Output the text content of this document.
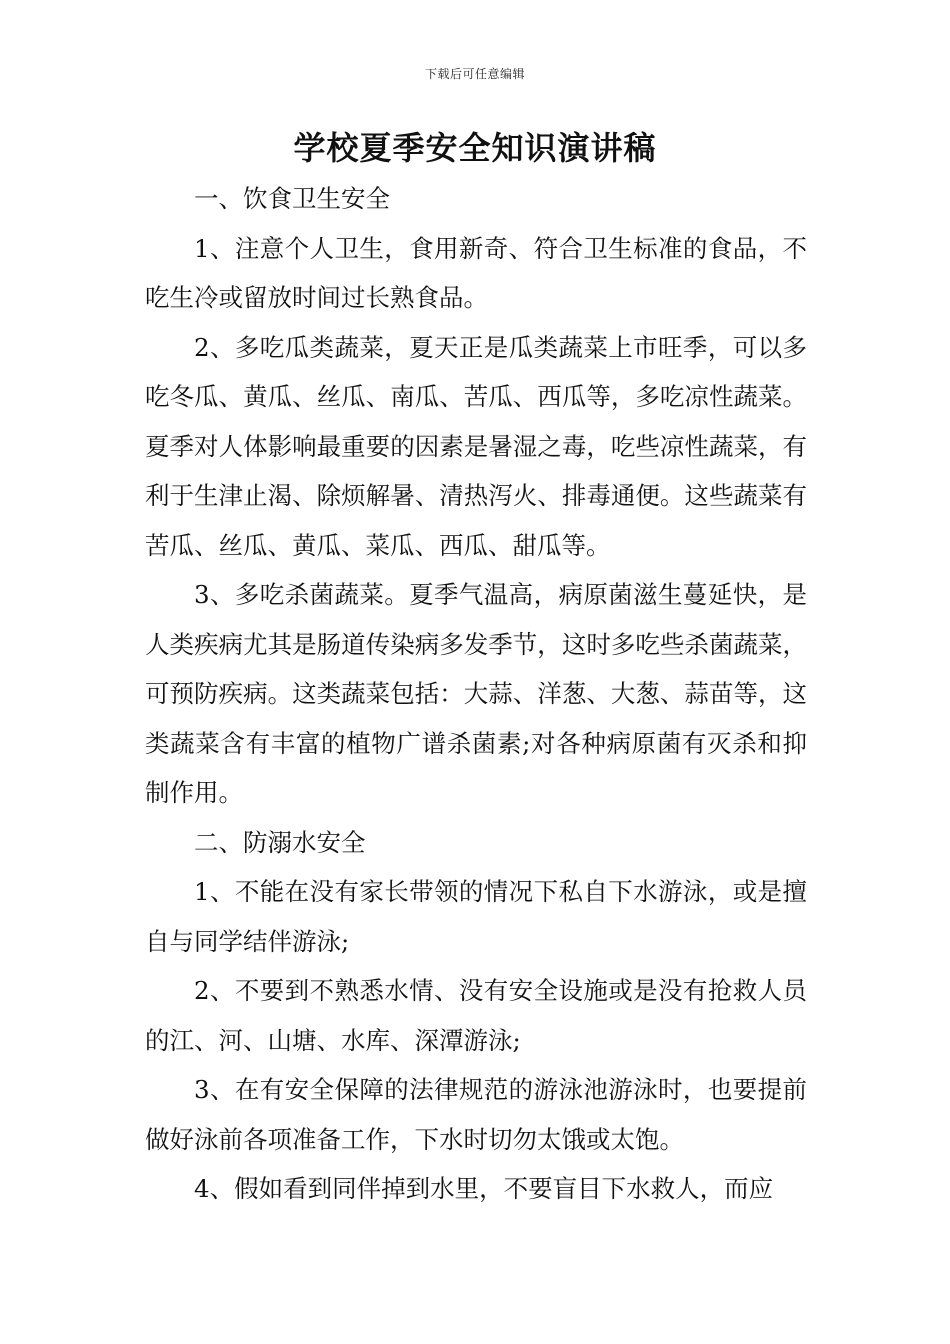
下载后可任意编辑
学校夏季安全知识演讲稿

一、饮食卫生安全

1、注意个人卫生，食用新奇、符合卫生标准的食品，不吃生冷或留放时间过长熟食品。

2、多吃瓜类蔬菜，夏天正是瓜类蔬菜上市旺季，可以多吃冬瓜、黄瓜、丝瓜、南瓜、苦瓜、西瓜等，多吃凉性蔬菜。夏季对人体影响最重要的因素是暑湿之毒，吃些凉性蔬菜，有利于生津止渴、除烦解暑、清热泻火、排毒通便。这些蔬菜有苦瓜、丝瓜、黄瓜、菜瓜、西瓜、甜瓜等。

3、多吃杀菌蔬菜。夏季气温高，病原菌滋生蔓延快，是人类疾病尤其是肠道传染病多发季节，这时多吃些杀菌蔬菜，可预防疾病。这类蔬菜包括：大蒜、洋葱、大葱、蒜苗等，这类蔬菜含有丰富的植物广谱杀菌素;对各种病原菌有灭杀和抑制作用。

二、防溺水安全

1、不能在没有家长带领的情况下私自下水游泳，或是擅自与同学结伴游泳;

2、不要到不熟悉水情、没有安全设施或是没有抢救人员的江、河、山塘、水库、深潭游泳;

3、在有安全保障的法律规范的游泳池游泳时，也要提前做好泳前各项准备工作，下水时切勿太饿或太饱。

4、假如看到同伴掉到水里，不要盲目下水救人，而应
